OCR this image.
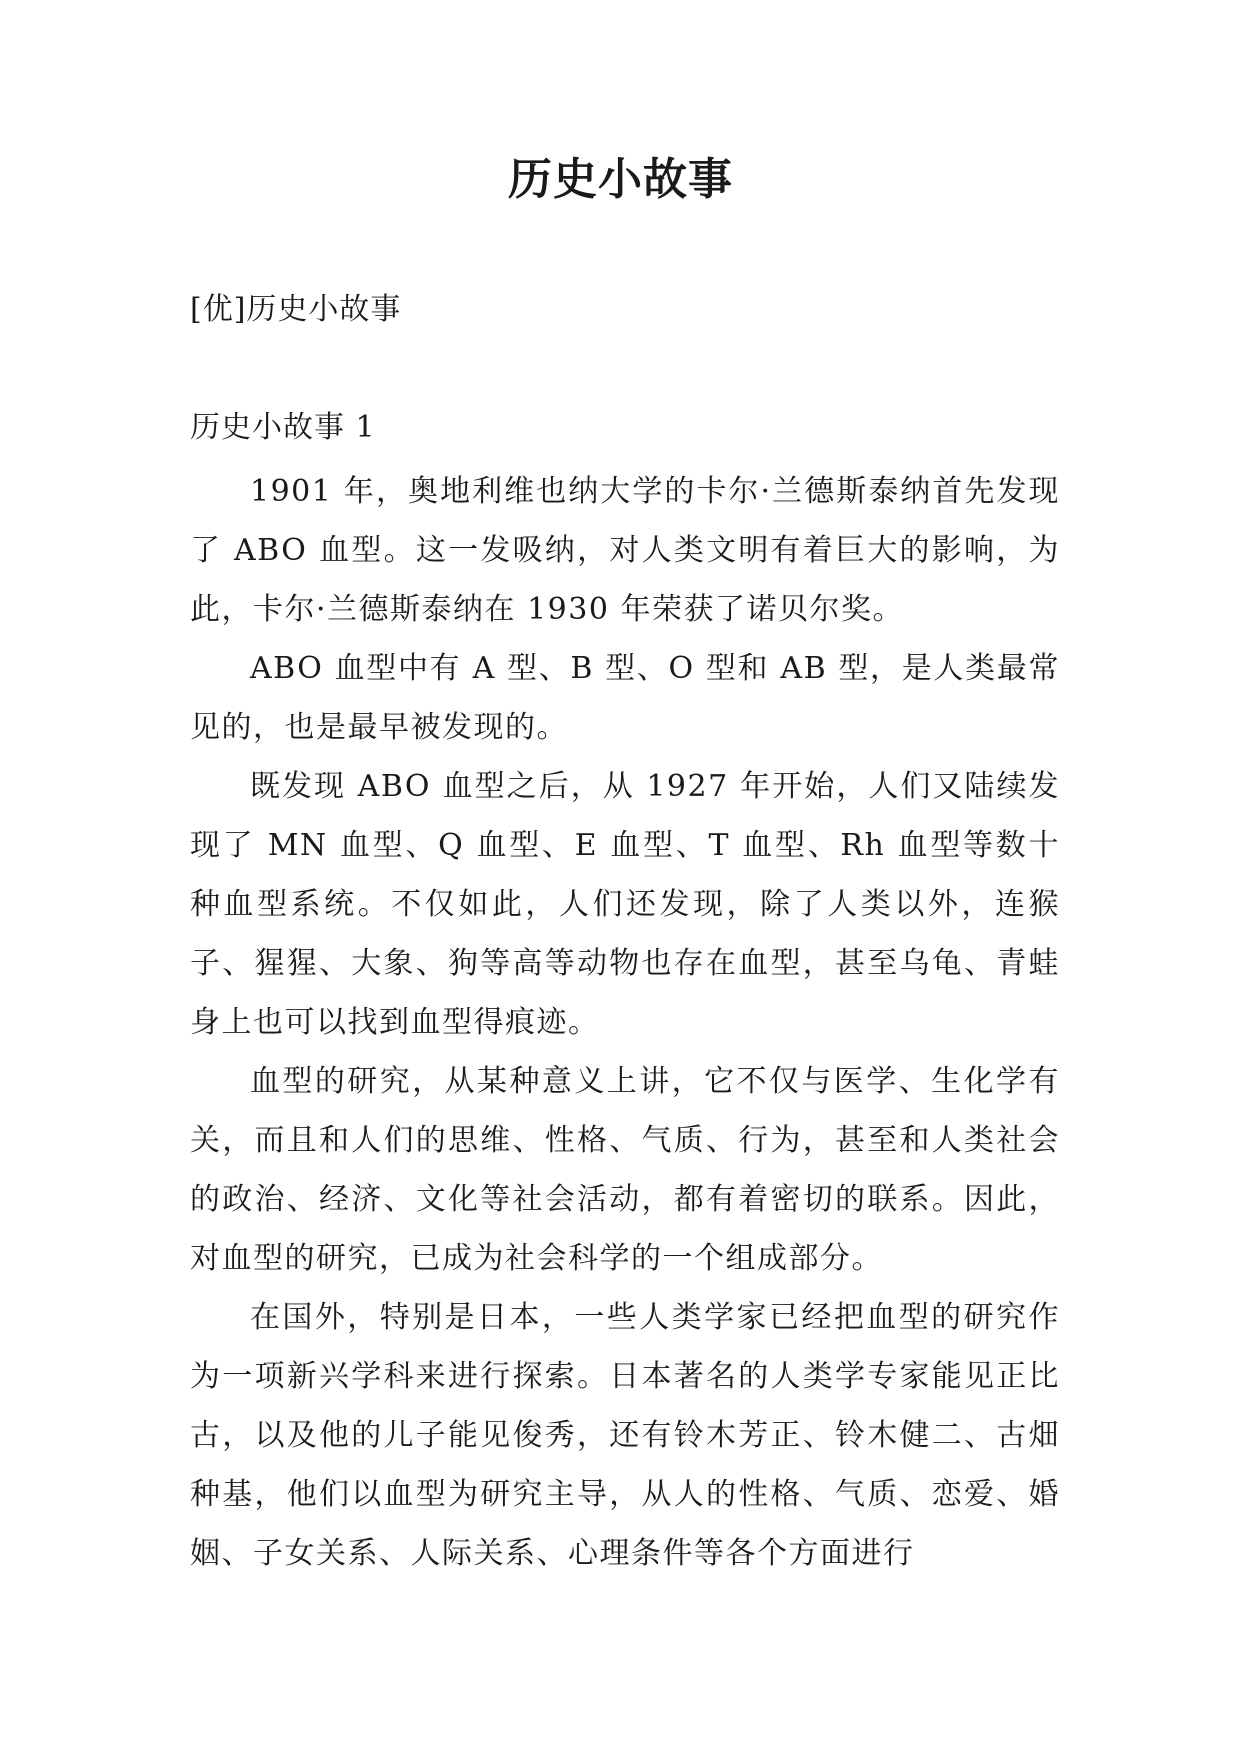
历史小故事

[优]历史小故事

历史小故事 1

1901 年，奥地利维也纳大学的卡尔·兰德斯泰纳首先发现了 ABO 血型。这一发吸纳，对人类文明有着巨大的影响，为此，卡尔·兰德斯泰纳在 1930 年荣获了诺贝尔奖。

ABO 血型中有 A 型、B 型、O 型和 AB 型，是人类最常见的，也是最早被发现的。

既发现 ABO 血型之后，从 1927 年开始，人们又陆续发现了 MN 血型、Q 血型、E 血型、T 血型、Rh 血型等数十种血型系统。不仅如此，人们还发现，除了人类以外，连猴子、猩猩、大象、狗等高等动物也存在血型，甚至乌龟、青蛙身上也可以找到血型得痕迹。

血型的研究，从某种意义上讲，它不仅与医学、生化学有关，而且和人们的思维、性格、气质、行为，甚至和人类社会的政治、经济、文化等社会活动，都有着密切的联系。因此，对血型的研究，已成为社会科学的一个组成部分。

在国外，特别是日本，一些人类学家已经把血型的研究作为一项新兴学科来进行探索。日本著名的人类学专家能见正比古，以及他的儿子能见俊秀，还有铃木芳正、铃木健二、古畑种基，他们以血型为研究主导，从人的性格、气质、恋爱、婚姻、子女关系、人际关系、心理条件等各个方面进行
